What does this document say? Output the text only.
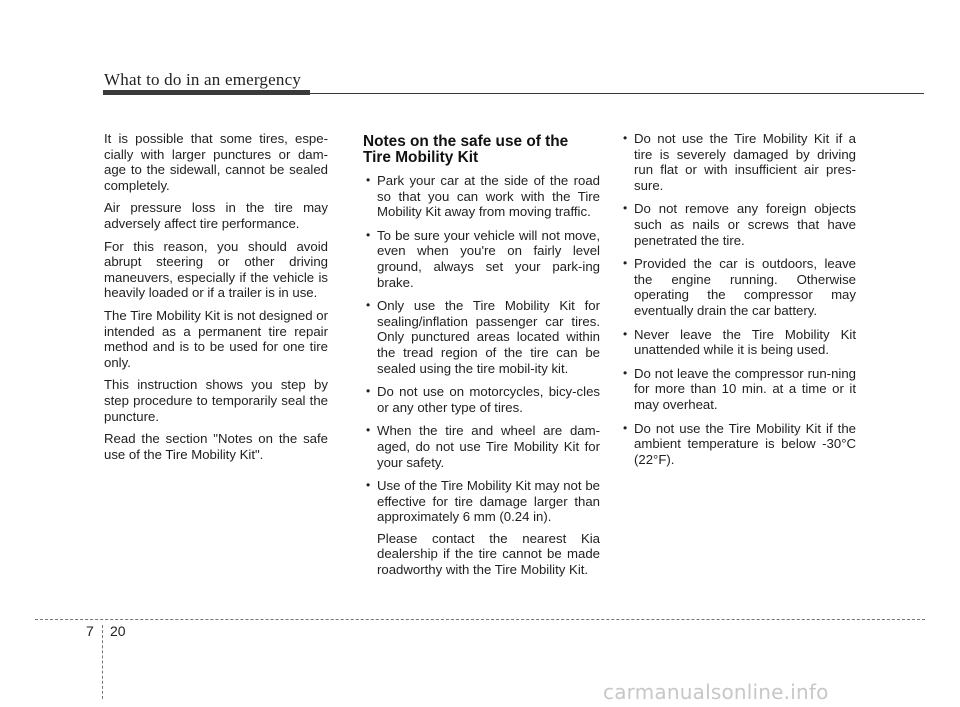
What to do in an emergency

It is possible that some tires, espe-cially with larger punctures or dam-age to the sidewall, cannot be sealed completely.

Air pressure loss in the tire may adversely affect tire performance.

For this reason, you should avoid abrupt steering or other driving maneuvers, especially if the vehicle is heavily loaded or if a trailer is in use.

The Tire Mobility Kit is not designed or intended as a permanent tire repair method and is to be used for one tire only.

This instruction shows you step by step procedure to temporarily seal the puncture.

Read the section "Notes on the safe use of the Tire Mobility Kit".

Notes on the safe use of the Tire Mobility Kit
• Park your car at the side of the road so that you can work with the Tire Mobility Kit away from moving traffic.
• To be sure your vehicle will not move, even when you're on fairly level ground, always set your park-ing brake.
• Only use the Tire Mobility Kit for sealing/inflation passenger car tires. Only punctured areas located within the tread region of the tire can be sealed using the tire mobil-ity kit.
• Do not use on motorcycles, bicy-cles or any other type of tires.
• When the tire and wheel are dam-aged, do not use Tire Mobility Kit for your safety.
• Use of the Tire Mobility Kit may not be effective for tire damage larger than approximately 6 mm (0.24 in).

Please contact the nearest Kia dealership if the tire cannot be made roadworthy with the Tire Mobility Kit.

• Do not use the Tire Mobility Kit if a tire is severely damaged by driving run flat or with insufficient air pres-sure.
• Do not remove any foreign objects such as nails or screws that have penetrated the tire.
• Provided the car is outdoors, leave the engine running. Otherwise operating the compressor may eventually drain the car battery.
• Never leave the Tire Mobility Kit unattended while it is being used.
• Do not leave the compressor run-ning for more than 10 min. at a time or it may overheat.
• Do not use the Tire Mobility Kit if the ambient temperature is below -30°C (22°F).
7 20
carmanualsonline.info
